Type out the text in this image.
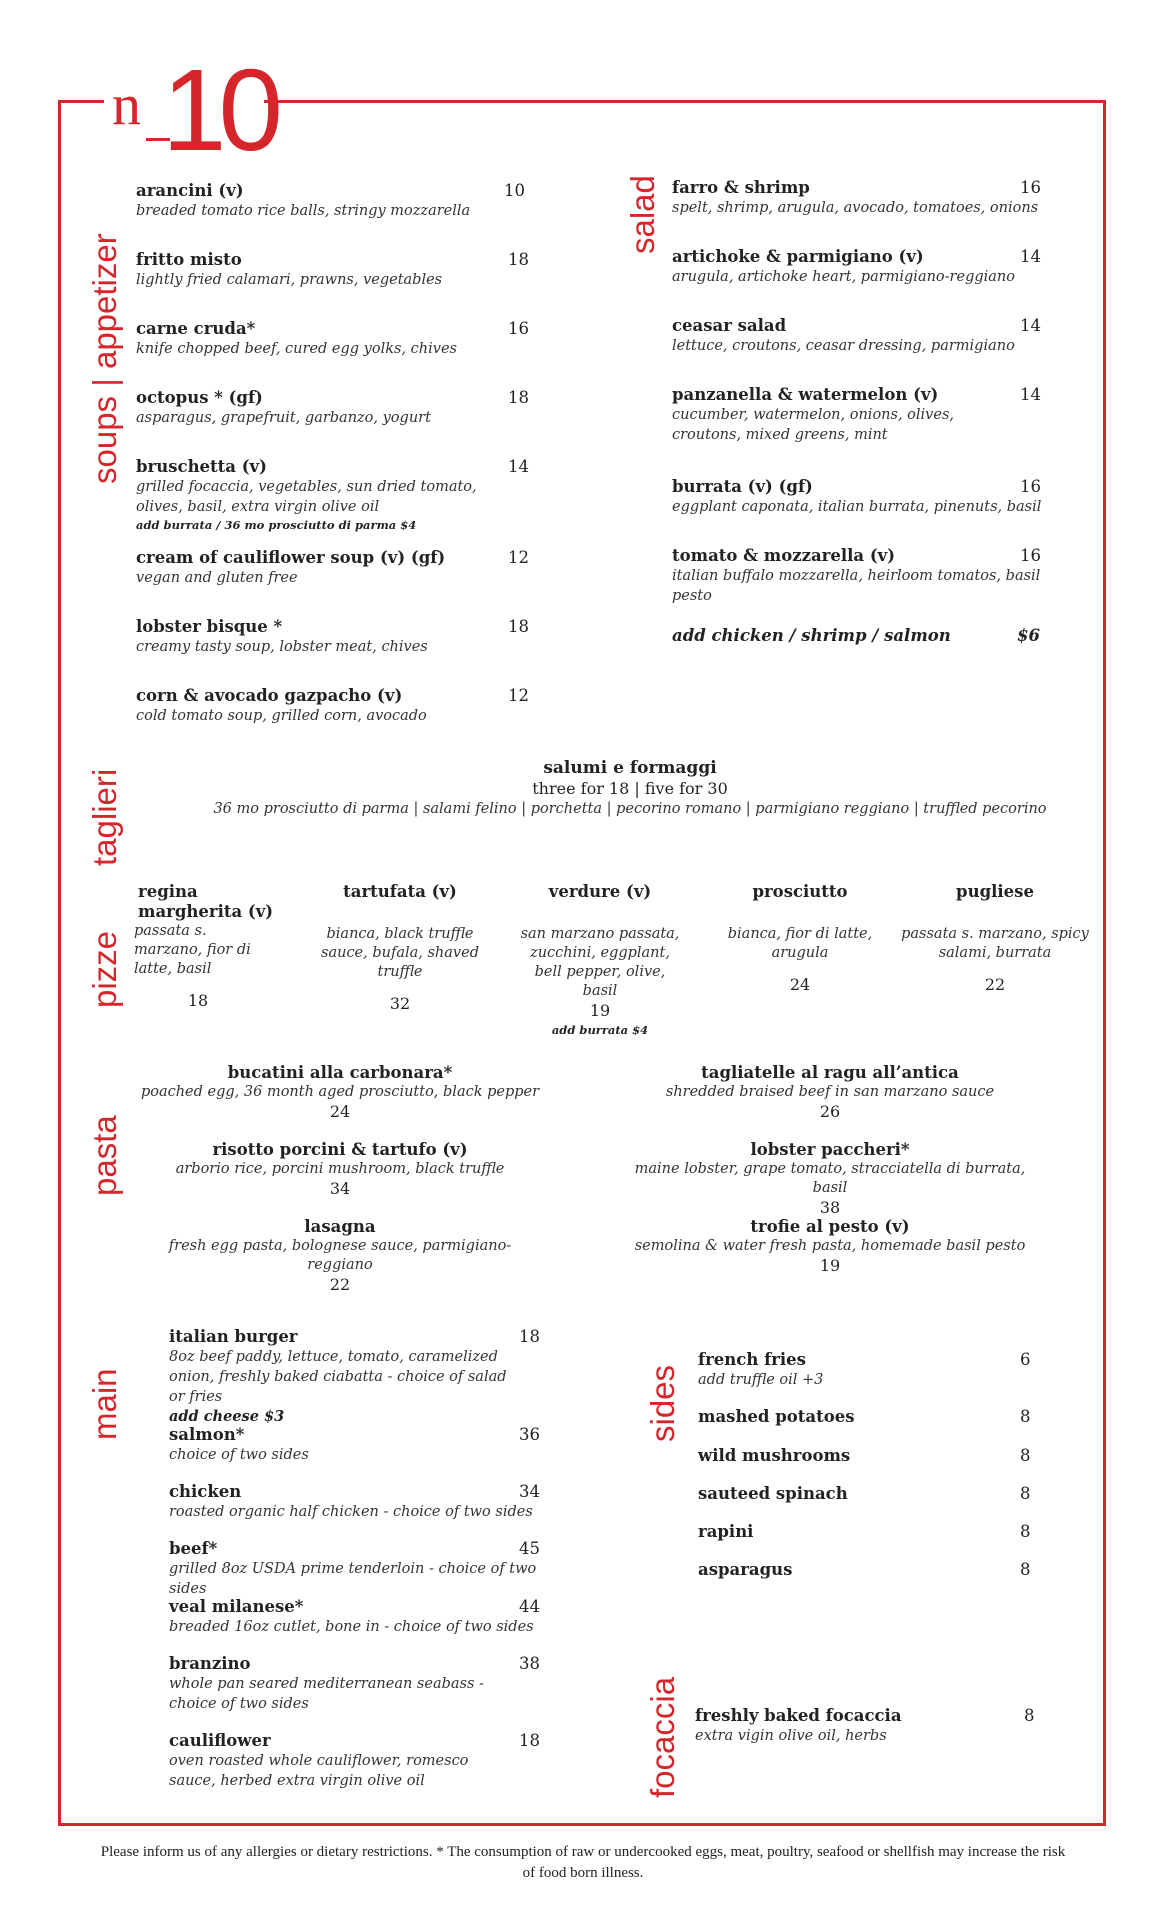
n 10
soups | appetizer
salad
taglieri
pizze
pasta
main	sides
focaccia
arancini (v)
breaded tomato rice balls, stringy mozzarella
10
fritto misto
lightly fried calamari, prawns, vegetables
18
carne cruda*
knife chopped beef, cured egg yolks, chives
16
octopus * (gf)
asparagus, grapefruit, garbanzo, yogurt
18
bruschetta (v)
grilled focaccia, vegetables, sun dried tomato, olives, basil, extra virgin olive oil
add burrata / 36 mo prosciutto di parma $4
14
cream of cauliflower soup (v) (gf)
vegan and gluten free
12
lobster bisque *
creamy tasty soup, lobster meat, chives
18
corn & avocado gazpacho (v)
cold tomato soup, grilled corn, avocado
12
farro & shrimp
spelt, shrimp, arugula, avocado, tomatoes, onions
16
artichoke & parmigiano (v)
arugula, artichoke heart, parmigiano-reggiano
14
ceasar salad
lettuce, croutons, ceasar dressing, parmigiano
14
panzanella & watermelon (v)
cucumber, watermelon, onions, olives, croutons, mixed greens, mint
14
burrata (v) (gf)
eggplant caponata, italian burrata, pinenuts, basil
16
tomato & mozzarella (v)
italian buffalo mozzarella, heirloom tomatos, basil pesto
16
add chicken / shrimp / salmon	$6
salumi e formaggi
three for 18 | five for 30
36 mo prosciutto di parma | salami felino | porchetta | pecorino romano | parmigiano reggiano | truffled pecorino
regina margherita (v)
passata s. marzano, fior di latte, basil
18
tartufata (v)
bianca, black truffle sauce, bufala, shaved truffle
32
verdure (v)
san marzano passata, zucchini, eggplant, bell pepper, olive, basil
19
add burrata $4
prosciutto
bianca, fior di latte, arugula
24
pugliese
passata s. marzano, spicy salami, burrata
22
bucatini alla carbonara*
poached egg, 36 month aged prosciutto, black pepper
24
tagliatelle al ragu all’antica
shredded braised beef in san marzano sauce
26
risotto porcini & tartufo (v)
arborio rice, porcini mushroom, black truffle
34
lobster paccheri*
maine lobster, grape tomato, stracciatella di burrata, basil
38
lasagna
fresh egg pasta, bolognese sauce, parmigiano-reggiano
22
trofie al pesto (v)
semolina & water fresh pasta, homemade basil pesto
19
italian burger
8oz beef paddy, lettuce, tomato, caramelized onion, freshly baked ciabatta - choice of salad or fries
add cheese $3
18
salmon*
choice of two sides
36
chicken
roasted organic half chicken - choice of two sides
34
beef*
grilled 8oz USDA prime tenderloin - choice of two sides
45
veal milanese*
breaded 16oz cutlet, bone in - choice of two sides
44
branzino
whole pan seared mediterranean seabass - choice of two sides
38
cauliflower
oven roasted whole cauliflower, romesco sauce, herbed extra virgin olive oil
18
french fries
add truffle oil +3
6
mashed potatoes	8
wild mushrooms	8
sauteed spinach	8
rapini	8
asparagus	8
freshly baked focaccia
extra vigin olive oil, herbs
8
Please inform us of any allergies or dietary restrictions. * The consumption of raw or undercooked eggs, meat, poultry, seafood or shellfish may increase the risk of food born illness.
